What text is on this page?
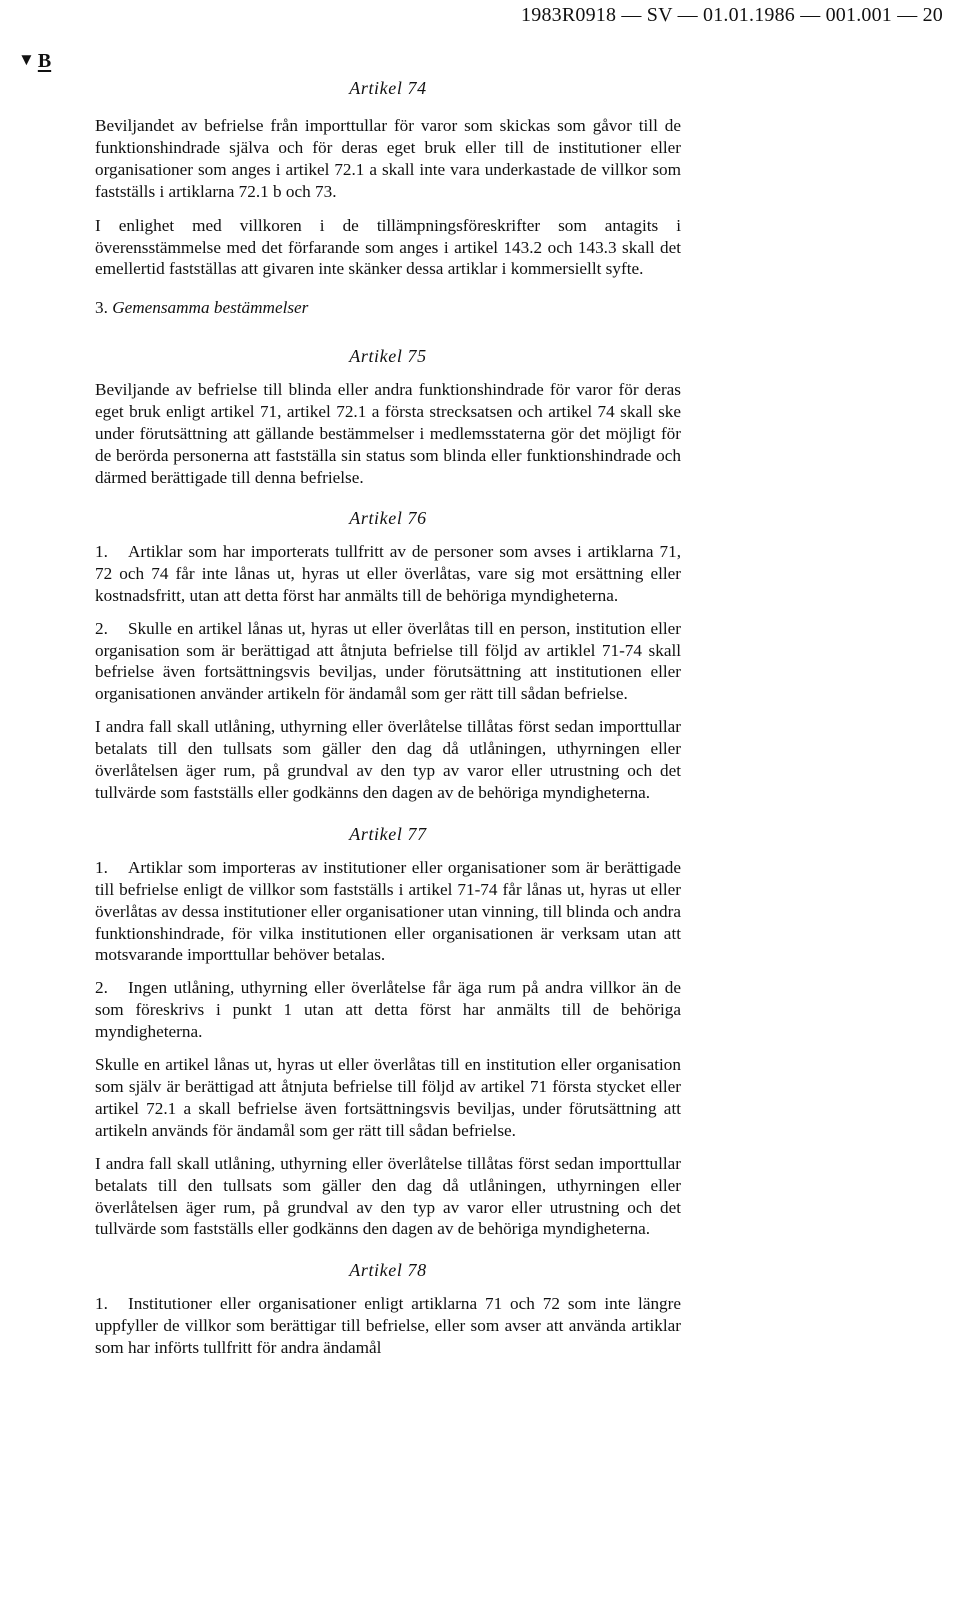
1983R0918 — SV — 01.01.1986 — 001.001 — 20
▼ B
Artikel 74

Beviljandet av befrielse från importtullar för varor som skickas som gåvor till de funktionshindrade själva och för deras eget bruk eller till de institutioner eller organisationer som anges i artikel 72.1 a skall inte vara underkastade de villkor som fastställs i artiklarna 72.1 b och 73.

I enlighet med villkoren i de tillämpningsföreskrifter som antagits i överensstämmelse med det förfarande som anges i artikel 143.2 och 143.3 skall det emellertid fastställas att givaren inte skänker dessa artiklar i kommersiellt syfte.

3. Gemensamma bestämmelser
Artikel 75

Beviljande av befrielse till blinda eller andra funktionshindrade för varor för deras eget bruk enligt artikel 71, artikel 72.1 a första strecksatsen och artikel 74 skall ske under förutsättning att gällande bestämmelser i medlemsstaterna gör det möjligt för de berörda personerna att fastställa sin status som blinda eller funktionshindrade och därmed berättigade till denna befrielse.

Artikel 76

1. Artiklar som har importerats tullfritt av de personer som avses i artiklarna 71, 72 och 74 får inte lånas ut, hyras ut eller överlåtas, vare sig mot ersättning eller kostnadsfritt, utan att detta först har anmälts till de behöriga myndigheterna.

2. Skulle en artikel lånas ut, hyras ut eller överlåtas till en person, institution eller organisation som är berättigad att åtnjuta befrielse till följd av artiklel 71-74 skall befrielse även fortsättningsvis beviljas, under förutsättning att institutionen eller organisationen använder artikeln för ändamål som ger rätt till sådan befrielse.

I andra fall skall utlåning, uthyrning eller överlåtelse tillåtas först sedan importtullar betalats till den tullsats som gäller den dag då utlåningen, uthyrningen eller överlåtelsen äger rum, på grundval av den typ av varor eller utrustning och det tullvärde som fastställs eller godkänns den dagen av de behöriga myndigheterna.

Artikel 77

1. Artiklar som importeras av institutioner eller organisationer som är berättigade till befrielse enligt de villkor som fastställs i artikel 71-74 får lånas ut, hyras ut eller överlåtas av dessa institutioner eller organisationer utan vinning, till blinda och andra funktionshindrade, för vilka institutionen eller organisationen är verksam utan att motsvarande importtullar behöver betalas.

2. Ingen utlåning, uthyrning eller överlåtelse får äga rum på andra villkor än de som föreskrivs i punkt 1 utan att detta först har anmälts till de behöriga myndigheterna.

Skulle en artikel lånas ut, hyras ut eller överlåtas till en institution eller organisation som själv är berättigad att åtnjuta befrielse till följd av artikel 71 första stycket eller artikel 72.1 a skall befrielse även fortsättningsvis beviljas, under förutsättning att artikeln används för ändamål som ger rätt till sådan befrielse.

I andra fall skall utlåning, uthyrning eller överlåtelse tillåtas först sedan importtullar betalats till den tullsats som gäller den dag då utlåningen, uthyrningen eller överlåtelsen äger rum, på grundval av den typ av varor eller utrustning och det tullvärde som fastställs eller godkänns den dagen av de behöriga myndigheterna.

Artikel 78

1. Institutioner eller organisationer enligt artiklarna 71 och 72 som inte längre uppfyller de villkor som berättigar till befrielse, eller som avser att använda artiklar som har införts tullfritt för andra ändamål
